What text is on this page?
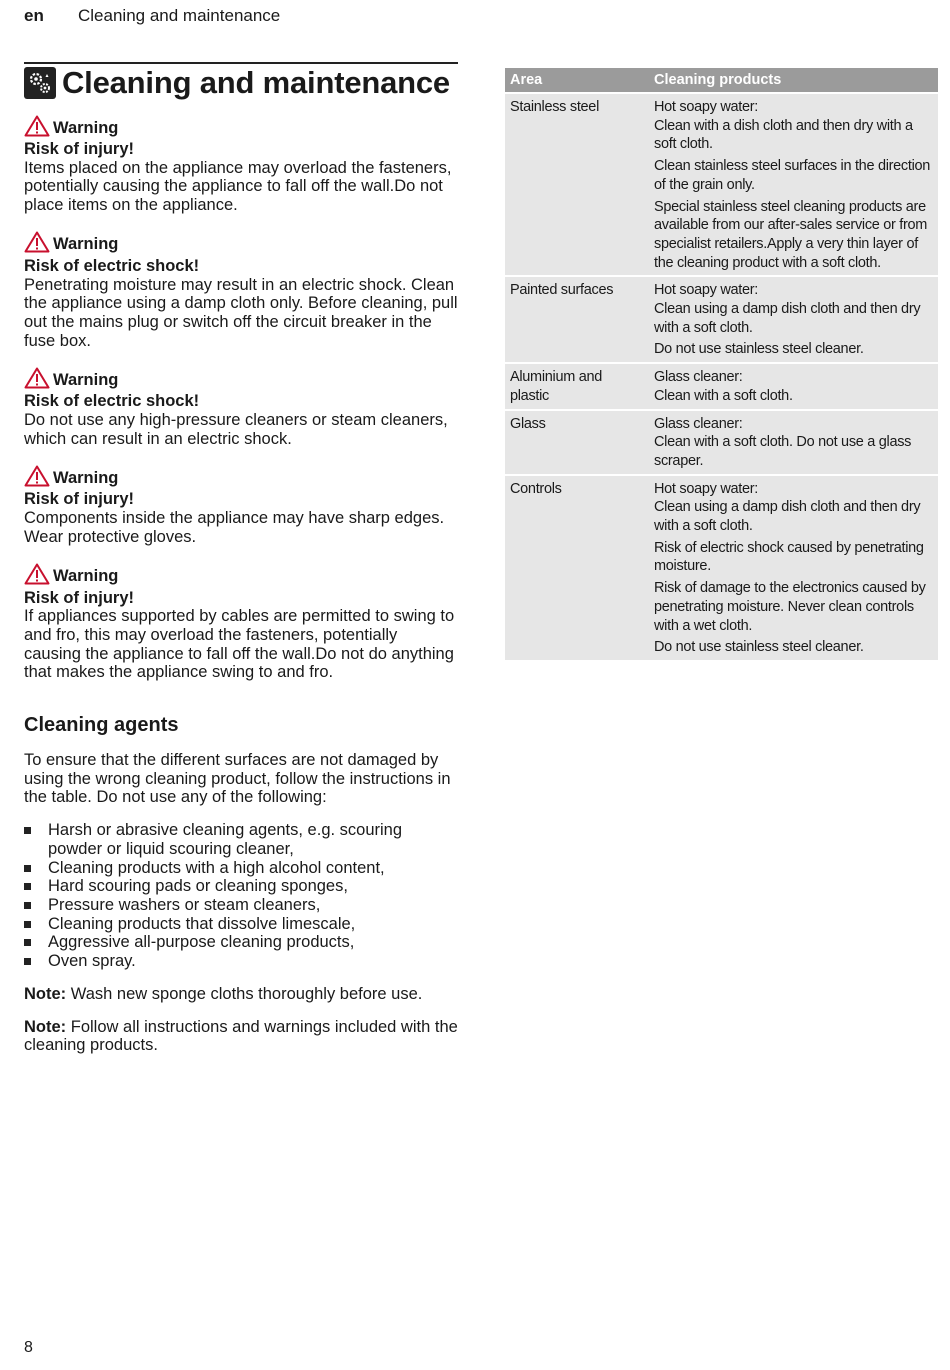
en	Cleaning and maintenance
Cleaning and maintenance
Warning
Risk of injury!

Items placed on the appliance may overload the fasteners, potentially causing the appliance to fall off the wall.Do not place items on the appliance.

Warning
Risk of electric shock!

Penetrating moisture may result in an electric shock. Clean the appliance using a damp cloth only. Before cleaning, pull out the mains plug or switch off the circuit breaker in the fuse box.

Warning
Risk of electric shock!

Do not use any high-pressure cleaners or steam cleaners, which can result in an electric shock.

Warning
Risk of injury!

Components inside the appliance may have sharp edges. Wear protective gloves.

Warning
Risk of injury!

If appliances supported by cables are permitted to swing to and fro, this may overload the fasteners, potentially causing the appliance to fall off the wall.Do not do anything that makes the appliance swing to and fro.

Cleaning agents

To ensure that the different surfaces are not damaged by using the wrong cleaning product, follow the instructions in the table. Do not use any of the following:

Harsh or abrasive cleaning agents, e.g. scouring powder or liquid scouring cleaner,
Cleaning products with a high alcohol content,
Hard scouring pads or cleaning sponges,
Pressure washers or steam cleaners,
Cleaning products that dissolve limescale,
Aggressive all-purpose cleaning products,
Oven spray.

Note: Wash new sponge cloths thoroughly before use.

Note: Follow all instructions and warnings included with the cleaning products.

Area	Cleaning products
Stainless steel	Hot soapy water:
Clean with a dish cloth and then dry with a soft cloth.
Clean stainless steel surfaces in the direction of the grain only.
Special stainless steel cleaning products are available from our after-sales service or from specialist retailers.Apply a very thin layer of the cleaning product with a soft cloth.

Painted surfaces	Hot soapy water:
Clean using a damp dish cloth and then dry with a soft cloth.
Do not use stainless steel cleaner.

Aluminium and plastic	Glass cleaner:
Clean with a soft cloth.

Glass	Glass cleaner:
Clean with a soft cloth. Do not use a glass scraper.

Controls	Hot soapy water:
Clean using a damp dish cloth and then dry with a soft cloth.
Risk of electric shock caused by penetrating moisture.
Risk of damage to the electronics caused by penetrating moisture. Never clean controls with a wet cloth.
Do not use stainless steel cleaner.
8
